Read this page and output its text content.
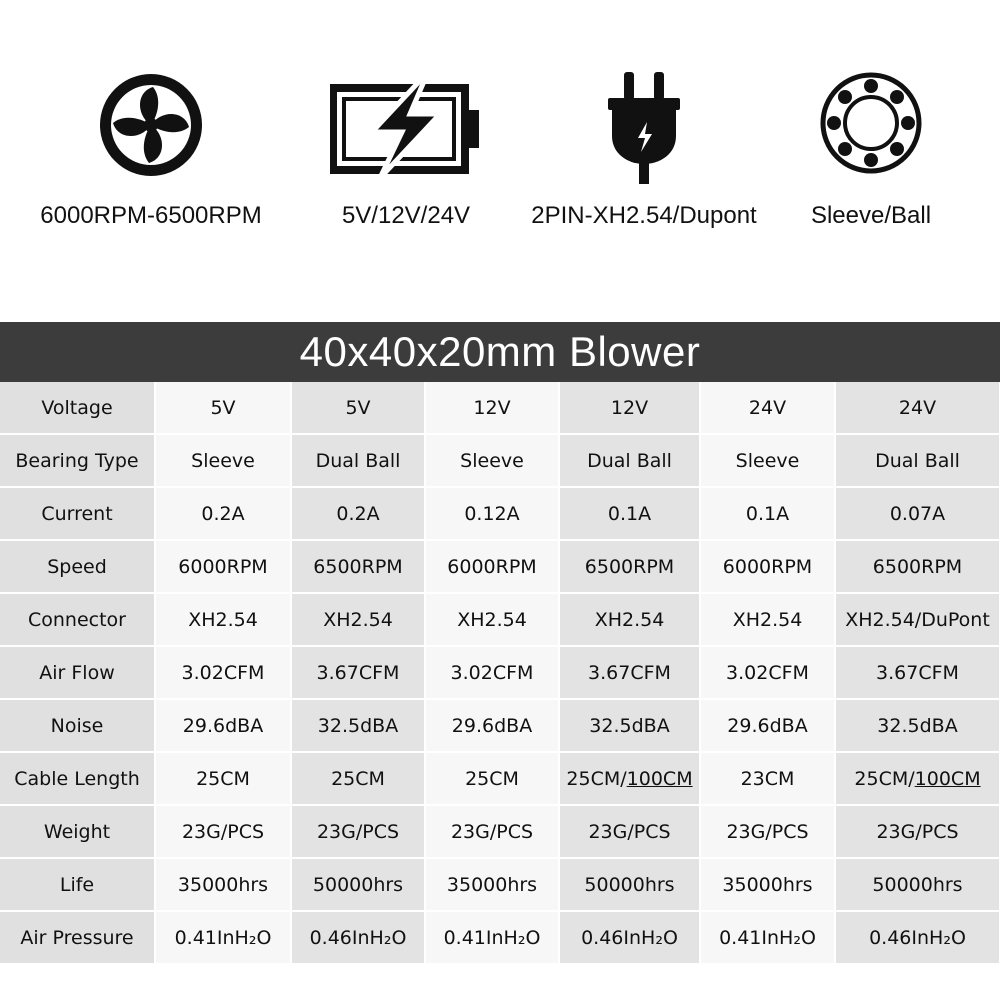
6000RPM-6500RPM	5V/12V/24V	2PIN-XH2.54/Dupont Sleeve/Ball
40x40x20mm Blower
Voltage	5V	5V	12V	12V	24V	24V
Bearing Type	Sleeve	Dual Ball	Sleeve	Dual Ball	Sleeve	Dual Ball
Current	0.2A	0.2A	0.12A	0.1A	0.1A	0.07A
Speed	6000RPM	6500RPM	6000RPM	6500RPM	6000RPM	6500RPM
Connector	XH2.54	XH2.54	XH2.54	XH2.54	XH2.54	XH2.54/DuPont
Air Flow	3.02CFM	3.67CFM	3.02CFM	3.67CFM	3.02CFM	3.67CFM
Noise	29.6dBA	32.5dBA	29.6dBA	32.5dBA	29.6dBA	32.5dBA
Cable Length	25CM	25CM	25CM	25CM/100CM	23CM	25CM/100CM
Weight	23G/PCS	23G/PCS	23G/PCS	23G/PCS	23G/PCS	23G/PCS
Life	35000hrs	50000hrs	35000hrs	50000hrs	35000hrs	50000hrs
Air Pressure	0.41InH₂O	0.46InH₂O	0.41InH₂O	0.46InH₂O	0.41InH₂O	0.46InH₂O
